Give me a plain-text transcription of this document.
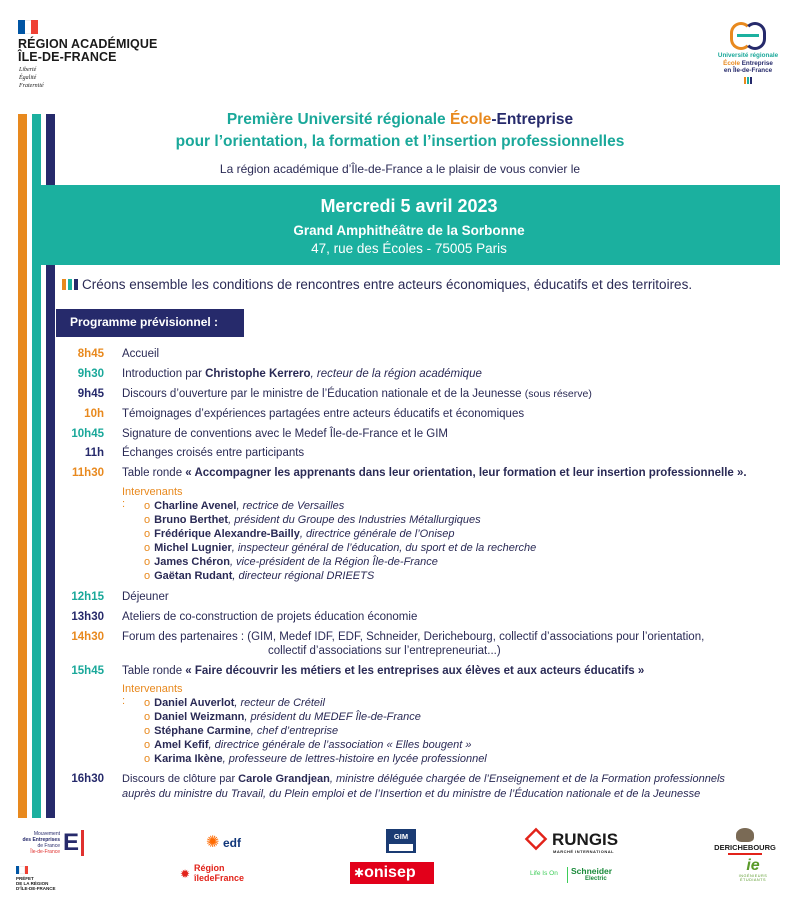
RÉGION ACADÉMIQUE
ÎLE-DE-FRANCE
Liberté
Égalité
Fraternité
Université régionale
École Entreprise
en Île-de-France
Première Université régionale École-Entreprise
pour l’orientation, la formation et l’insertion professionnelles
La région académique d’Île-de-France a le plaisir de vous convier le
Mercredi 5 avril 2023
Grand Amphithéâtre de la Sorbonne
47, rue des Écoles - 75005 Paris
Créons ensemble les conditions de rencontres entre acteurs économiques, éducatifs et des territoires.
Programme prévisionnel :
8h45 Accueil
9h30 Introduction par Christophe Kerrero, recteur de la région académique
9h45 Discours d’ouverture par le ministre de l’Éducation nationale et de la Jeunesse (sous réserve)
10h Témoignages d’expériences partagées entre acteurs éducatifs et économiques
10h45 Signature de conventions avec le Medef Île-de-France et le GIM
11h Échanges croisés entre participants
11h30 Table ronde « Accompagner les apprenants dans leur orientation, leur formation et leur insertion professionnelle ».
Intervenants :	o Charline Avenel, rectrice de Versailles
o Bruno Berthet, président du Groupe des Industries Métallurgiques
o Frédérique Alexandre-Bailly, directrice générale de l’Onisep
o Michel Lugnier, inspecteur général de l’éducation, du sport et de la recherche
o James Chéron, vice-président de la Région Île-de-France
o Gaëtan Rudant, directeur régional DRIEETS
12h15 Déjeuner
13h30 Ateliers de co-construction de projets éducation économie
14h30 Forum des partenaires : (GIM, Medef IDF, EDF, Schneider, Derichebourg, collectif d’associations pour l’orientation,
collectif d’associations sur l’entrepreneuriat...)
15h45 Table ronde « Faire découvrir les métiers et les entreprises aux élèves et aux acteurs éducatifs »
Intervenants :	o Daniel Auverlot, recteur de Créteil
o Daniel Weizmann, président du MEDEF Île-de-France
o Stéphane Carmine, chef d’entreprise
o Amel Kefif, directrice générale de l’association « Elles bougent »
o Karima Ikène, professeure de lettres-histoire en lycée professionnel
16h30 Discours de clôture par Carole Grandjean, ministre déléguée chargée de l’Enseignement et de la Formation professionnels
auprès du ministre du Travail, du Plein emploi et de l’Insertion et du ministre de l’Éducation nationale et de la Jeunesse
Mouvement
des Entreprises
de France
Île-de-France E
PRÉFET
DE LA RÉGION
D’ÎLE-DE-FRANCE
✺ edf
✹ Région
îledeFrance
GIM
✱onisep
RUNGIS
MARCHÉ INTERNATIONAL
Life Is On Schneider
Electric
DERICHEBOURG
ie
INGÉNIEURS ÉTUDIANTS
